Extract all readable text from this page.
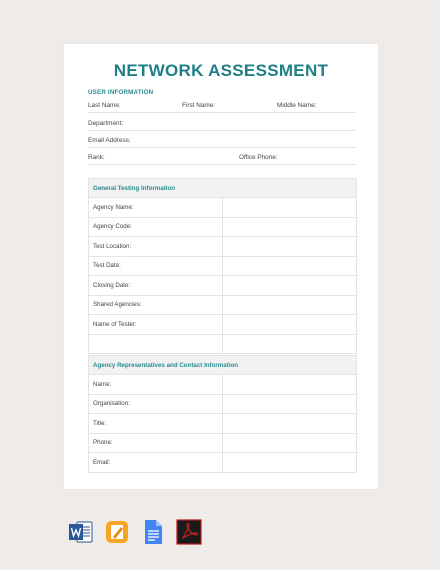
NETWORK ASSESSMENT
USER INFORMATION
Last Name:	First Name:	Middle Name:
Department:
Email Address:
Rank:	Office Phone:
General Testing Information	
Agency Name:	
Agency Code:	
Test Location:	
Test Date:	
Closing Date:	
Shared Agencies:	
Name of Tester:	

Agency Representatives and Contact Information	
Name:	
Organisation:	
Title:	
Phone:	
Email:	
